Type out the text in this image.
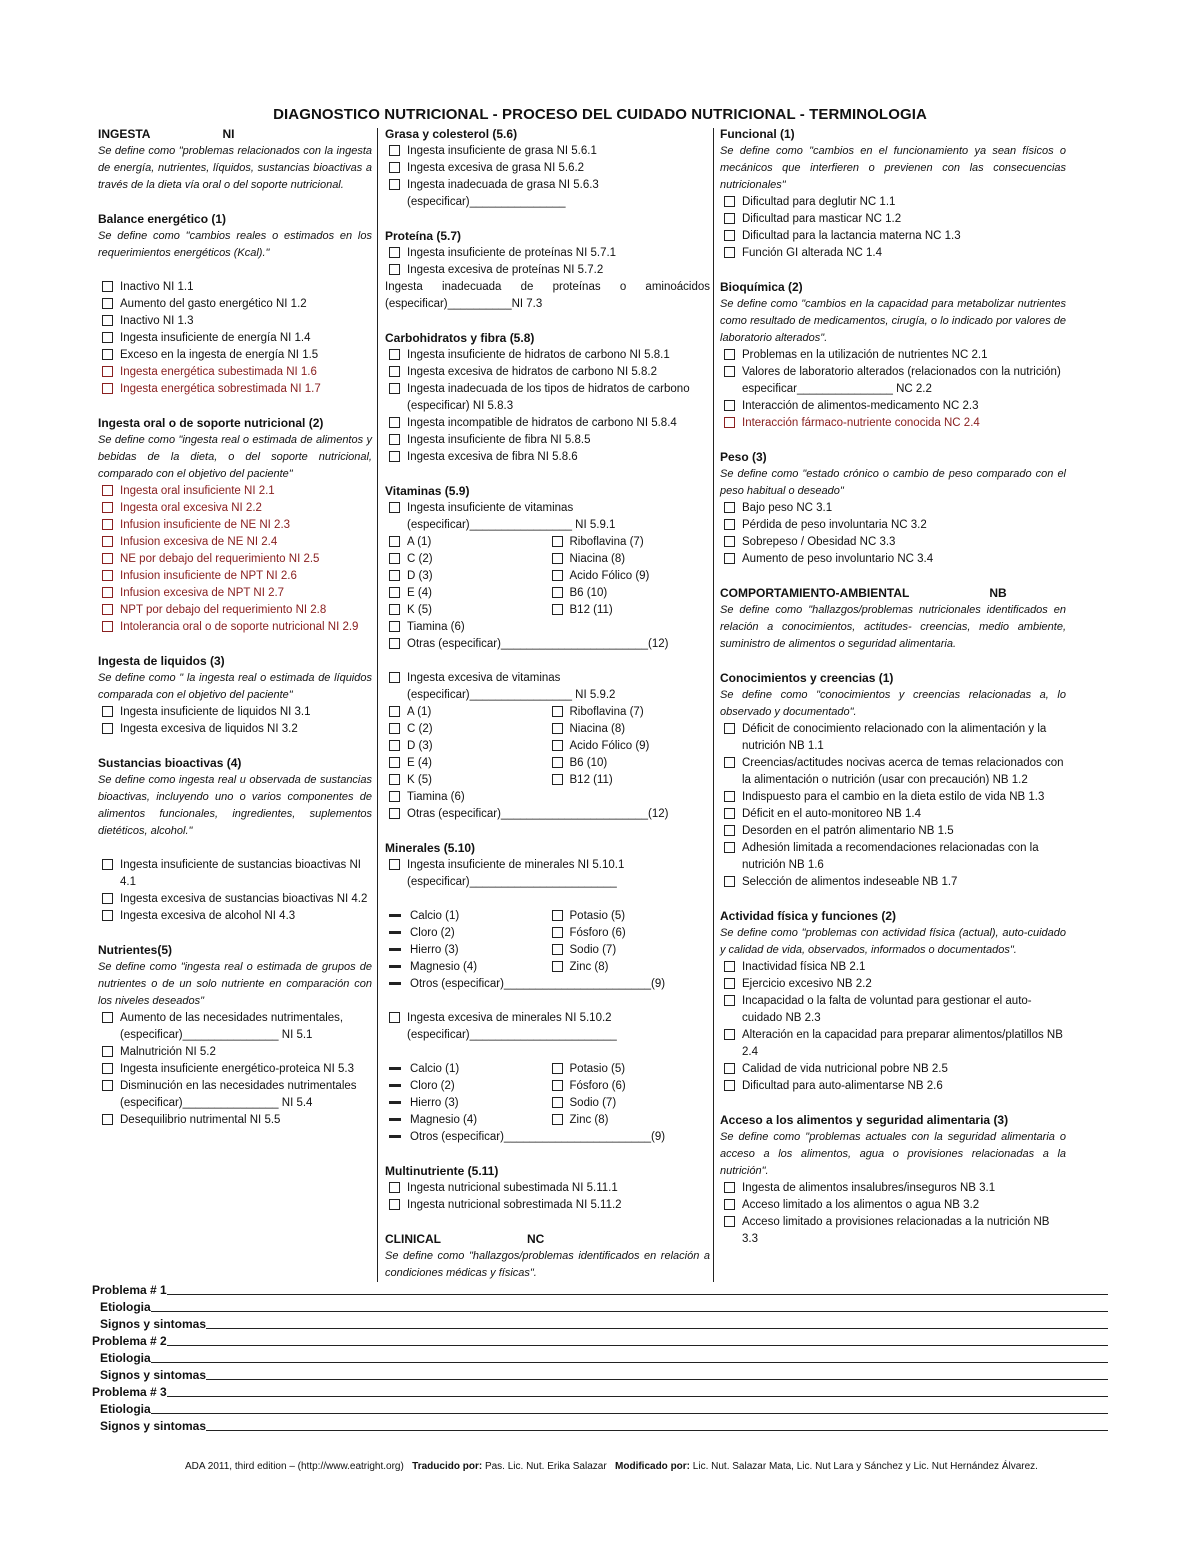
DIAGNOSTICO NUTRICIONAL - PROCESO DEL CUIDADO NUTRICIONAL - TERMINOLOGIA
INGESTA	NI
Se define como "problemas relacionados con la ingesta de energía, nutrientes, líquidos, sustancias bioactivas a través de la dieta vía oral o del soporte nutricional.
Balance energético (1)
Se define como "cambios reales o estimados en los requerimientos energéticos (Kcal)."
Inactivo NI 1.1
Aumento del gasto energético NI 1.2
Inactivo NI 1.3
Ingesta insuficiente de energía NI 1.4
Exceso en la ingesta de energía NI 1.5
Ingesta energética subestimada NI 1.6
Ingesta energética sobrestimada NI 1.7
Ingesta oral o de soporte nutricional (2)
Se define como "ingesta real o estimada de alimentos y bebidas de la dieta, o del soporte nutricional, comparado con el objetivo del paciente"
Ingesta oral insuficiente NI 2.1
Ingesta oral excesiva NI 2.2
Infusion insuficiente de NE NI 2.3
Infusion excesiva de NE NI 2.4
NE por debajo del requerimiento NI 2.5
Infusion insuficiente de NPT NI 2.6
Infusion excesiva de NPT NI 2.7
NPT por debajo del requerimiento NI 2.8
Intolerancia oral o de soporte nutricional NI 2.9
Ingesta de liquidos (3)
Se define como " la ingesta real o estimada de líquidos comparada con el objetivo del paciente"
Ingesta insuficiente de liquidos NI 3.1
Ingesta excesiva de liquidos NI 3.2
Sustancias bioactivas (4)
Se define como ingesta real u observada de sustancias bioactivas, incluyendo uno o varios componentes de alimentos funcionales, ingredientes, suplementos dietéticos, alcohol."
Ingesta insuficiente de sustancias bioactivas NI 4.1
Ingesta excesiva de sustancias bioactivas NI 4.2
Ingesta excesiva de alcohol NI 4.3
Nutrientes(5)
Se define como "ingesta real o estimada de grupos de nutrientes o de un solo nutriente en comparación con los niveles deseados"
Aumento de las necesidades nutrimentales, (especificar)_______________ NI 5.1
Malnutrición NI 5.2
Ingesta insuficiente energético-proteica NI 5.3
Disminución en las necesidades nutrimentales (especificar)_______________ NI 5.4
Desequilibrio nutrimental NI 5.5
Grasa y colesterol (5.6)
Ingesta insuficiente de grasa NI 5.6.1
Ingesta excesiva de grasa NI 5.6.2
Ingesta inadecuada de grasa NI 5.6.3 (especificar)_______________
Proteína (5.7)
Ingesta insuficiente de proteínas NI 5.7.1
Ingesta excesiva de proteínas NI 5.7.2
Ingesta inadecuada de proteínas o aminoácidos (especificar)__________NI 7.3
Carbohidratos y fibra (5.8)
Ingesta insuficiente de hidratos de carbono NI 5.8.1
Ingesta excesiva de hidratos de carbono NI 5.8.2
Ingesta inadecuada de los tipos de hidratos de carbono (especificar) NI 5.8.3
Ingesta incompatible de hidratos de carbono NI 5.8.4
Ingesta insuficiente de fibra NI 5.8.5
Ingesta excesiva de fibra NI 5.8.6
Vitaminas (5.9)
Ingesta insuficiente de vitaminas (especificar)________________ NI 5.9.1
A (1)	Riboflavina (7)
C (2)	Niacina (8)
D (3)	Acido Fólico (9)
E (4)	B6 (10)
K (5)	B12 (11)
Tiamina (6)
Otras (especificar)_______________________(12)
Ingesta excesiva de vitaminas (especificar)________________ NI 5.9.2
A (1)	Riboflavina (7)
C (2)	Niacina (8)
D (3)	Acido Fólico (9)
E (4)	B6 (10)
K (5)	B12 (11)
Tiamina (6)
Otras (especificar)_______________________(12)
Minerales (5.10)
Ingesta insuficiente de minerales NI 5.10.1 (especificar)_______________________
Calcio (1)	Potasio (5)
Cloro (2)	Fósforo (6)
Hierro (3)	Sodio (7)
Magnesio (4)	Zinc (8)
Otros (especificar)_______________________(9)
Ingesta excesiva de minerales NI 5.10.2 (especificar)_______________________
Calcio (1)	Potasio (5)
Cloro (2)	Fósforo (6)
Hierro (3)	Sodio (7)
Magnesio (4)	Zinc (8)
Otros (especificar)_______________________(9)
Multinutriente (5.11)
Ingesta nutricional subestimada NI 5.11.1
Ingesta nutricional sobrestimada NI 5.11.2
CLINICAL	NC
Se define como "hallazgos/problemas identificados en relación a condiciones médicas y físicas".
Funcional (1)
Se define como "cambios en el funcionamiento ya sean físicos o mecánicos que interfieren o previenen con las consecuencias nutricionales"
Dificultad para deglutir NC 1.1
Dificultad para masticar NC 1.2
Dificultad para la lactancia materna NC 1.3
Función GI alterada NC 1.4
Bioquímica (2)
Se define como "cambios en la capacidad para metabolizar nutrientes como resultado de medicamentos, cirugía, o lo indicado por valores de laboratorio alterados".
Problemas en la utilización de nutrientes NC 2.1
Valores de laboratorio alterados (relacionados con la nutrición) especificar_______________ NC 2.2
Interacción de alimentos-medicamento NC 2.3
Interacción fármaco-nutriente conocida NC 2.4
Peso (3)
Se define como "estado crónico o cambio de peso comparado con el peso habitual o deseado"
Bajo peso NC 3.1
Pérdida de peso involuntaria NC 3.2
Sobrepeso / Obesidad NC 3.3
Aumento de peso involuntario NC 3.4
COMPORTAMIENTO-AMBIENTAL	NB
Se define como "hallazgos/problemas nutricionales identificados en relación a conocimientos, actitudes- creencias, medio ambiente, suministro de alimentos o seguridad alimentaria.
Conocimientos y creencias (1)
Se define como "conocimientos y creencias relacionadas a, lo observado y documentado".
Déficit de conocimiento relacionado con la alimentación y la nutrición NB 1.1
Creencias/actitudes nocivas acerca de temas relacionados con la alimentación o nutrición (usar con precaución) NB 1.2
Indispuesto para el cambio en la dieta estilo de vida NB 1.3
Déficit en el auto-monitoreo NB 1.4
Desorden en el patrón alimentario NB 1.5
Adhesión limitada a recomendaciones relacionadas con la nutrición NB 1.6
Selección de alimentos indeseable NB 1.7
Actividad física y funciones (2)
Se define como "problemas con actividad física (actual), auto-cuidado y calidad de vida, observados, informados o documentados".
Inactividad física NB 2.1
Ejercicio excesivo NB 2.2
Incapacidad o la falta de voluntad para gestionar el auto-cuidado NB 2.3
Alteración en la capacidad para preparar alimentos/platillos NB 2.4
Calidad de vida nutricional pobre NB 2.5
Dificultad para auto-alimentarse NB 2.6
Acceso a los alimentos y seguridad alimentaria (3)
Se define como "problemas actuales con la seguridad alimentaria o acceso a los alimentos, agua o provisiones relacionadas a la nutrición".
Ingesta de alimentos insalubres/inseguros NB 3.1
Acceso limitado a los alimentos o agua NB 3.2
Acceso limitado a provisiones relacionadas a la nutrición NB 3.3
Problema # 1
Etiologia
Signos y sintomas
Problema # 2
Etiologia
Signos y sintomas
Problema # 3
Etiologia
Signos y sintomas
ADA 2011, third edition – (http://www.eatright.org) Traducido por: Pas. Lic. Nut. Erika Salazar Modificado por: Lic. Nut. Salazar Mata, Lic. Nut Lara y Sánchez y Lic. Nut Hernández Álvarez.
